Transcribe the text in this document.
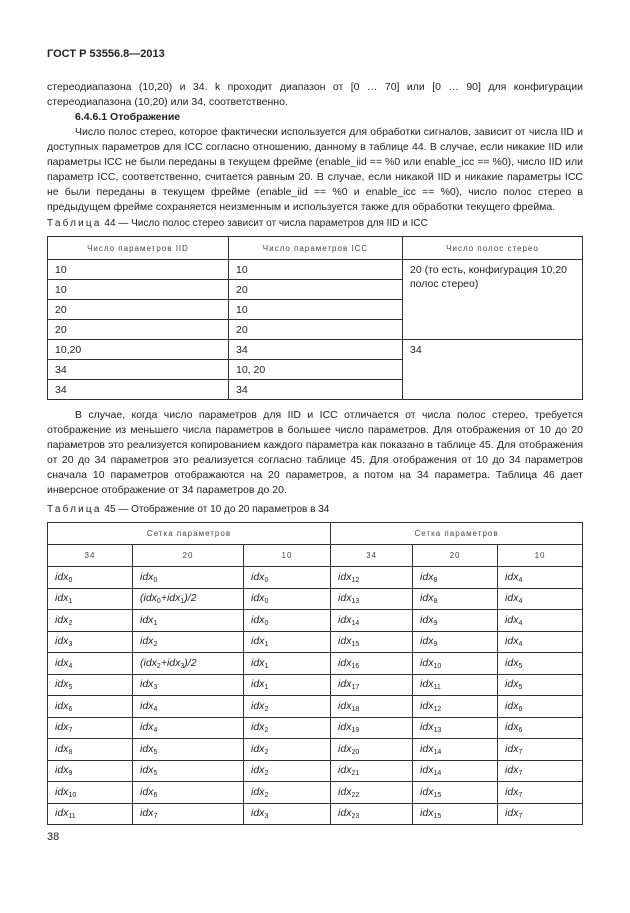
ГОСТ Р 53556.8—2013

стереодиапазона (10,20) и 34. k проходит диапазон от [0 … 70] или [0 … 90] для конфигурации стереодиапазона (10,20) или 34, соответственно.

6.4.6.1 Отображение

Число полос стерео, которое фактически используется для обработки сигналов, зависит от числа IID и доступных параметров для ICC согласно отношению, данному в таблице 44. В случае, если никакие IID или параметры ICC не были переданы в текущем фрейме (enable_iid == %0 или enable_icc == %0), число IID или параметр ICC, соответственно, считается равным 20. В случае, если никакой IID и никакие параметры ICC не были переданы в текущем фрейме (enable_iid == %0 и enable_icc == %0), число полос стерео в предыдущем фрейме сохраняется неизменным и используется также для обработки текущего фрейма.

Таблица 44 — Число полос стерео зависит от числа параметров для IID и ICC
Число параметров IID	Число параметров ICC	Число полос стерео
10	10	20 (то есть, конфигурация 10,20 полос стерео)
10	20	
20	10	
20	20	
10,20	34	34
34	10, 20	
34	34	

В случае, когда число параметров для IID и ICC отличается от числа полос стерео, требуется отображение из меньшего числа параметров в большее число параметров. Для отображения от 10 до 20 параметров это реализуется копированием каждого параметра как показано в таблице 45. Для отображения от 20 до 34 параметров это реализуется согласно таблице 45. Для отображения от 10 до 34 параметров сначала 10 параметров отображаются на 20 параметров, а потом на 34 параметра. Таблица 46 дает инверсное отображение от 34 параметров до 20.

Таблица 45 — Отображение от 10 до 20 параметров в 34
Сетка параметров			Сетка параметров		
34	20	10	34	20	10
idx$_0$	idx$_0$	idx$_0$	idx$_{12}$	idx$_8$	idx$_4$
idx$_1$	(idx$_0$+idx$_1$)/2	idx$_0$	idx$_{13}$	idx$_8$	idx$_4$
idx$_2$	idx$_1$	idx$_0$	idx$_{14}$	idx$_9$	idx$_4$
idx$_3$	idx$_2$	idx$_1$	idx$_{15}$	idx$_9$	idx$_4$
idx$_4$	(idx$_2$+idx$_3$)/2	idx$_1$	idx$_{16}$	idx$_{10}$	idx$_5$
idx$_5$	idx$_3$	idx$_1$	idx$_{17}$	idx$_{11}$	idx$_5$
idx$_6$	idx$_4$	idx$_2$	idx$_{18}$	idx$_{12}$	idx$_6$
idx$_7$	idx$_4$	idx$_2$	idx$_{19}$	idx$_{13}$	idx$_6$
idx$_8$	idx$_5$	idx$_2$	idx$_{20}$	idx$_{14}$	idx$_7$
idx$_9$	idx$_5$	idx$_2$	idx$_{21}$	idx$_{14}$	idx$_7$
idx$_{10}$	idx$_6$	idx$_2$	idx$_{22}$	idx$_{15}$	idx$_7$
idx$_{11}$	idx$_7$	idx$_3$	idx$_{23}$	idx$_{15}$	idx$_7$
38
